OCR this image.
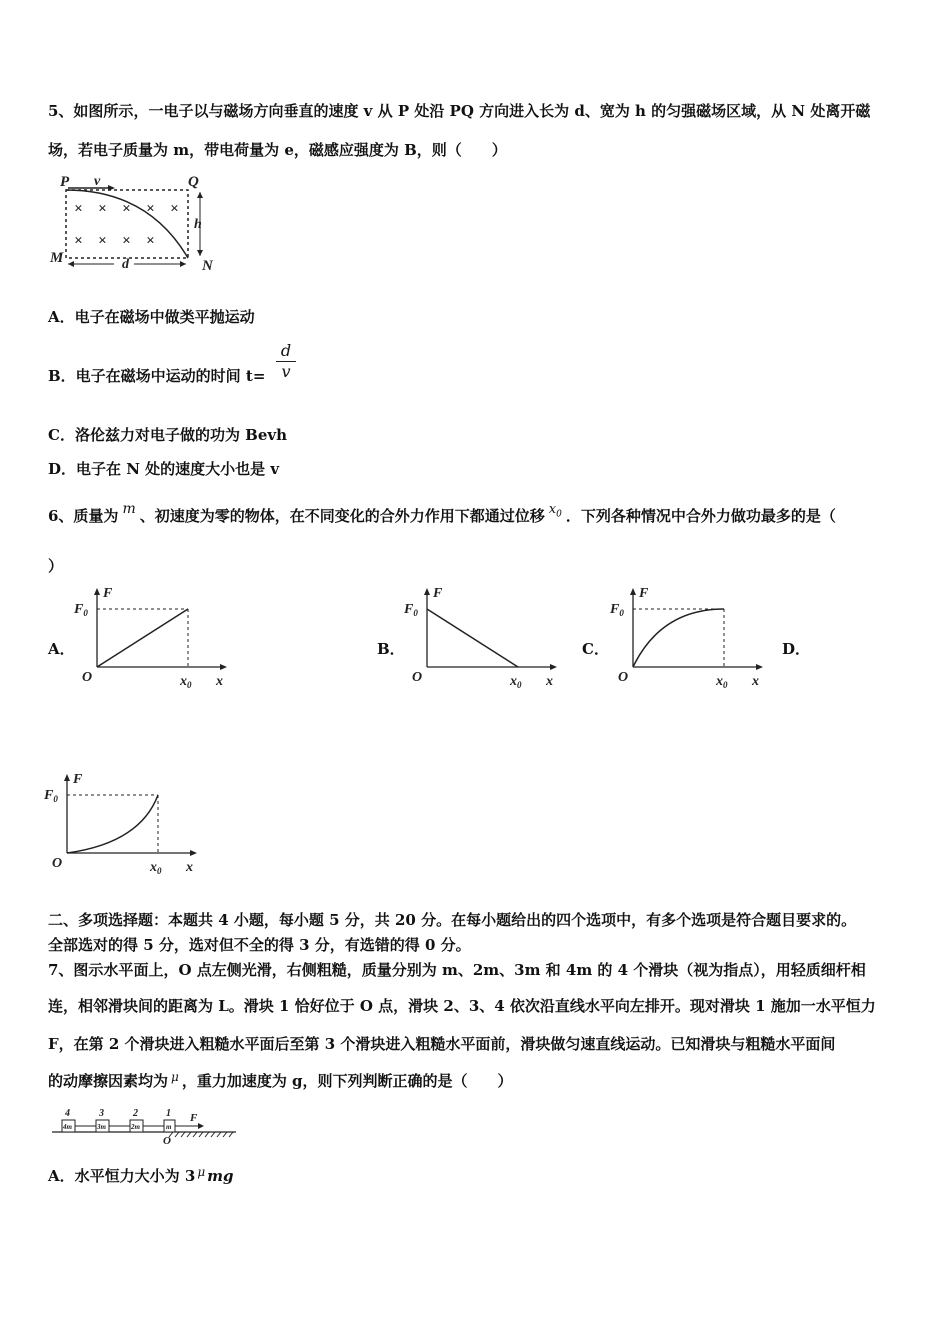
5、如图所示，一电子以与磁场方向垂直的速度 v 从 P 处沿 PQ 方向进入长为 d、宽为 h 的匀强磁场区域，从 N 处离开磁
场，若电子质量为 m，带电荷量为 e，磁感应强度为 B，则（　　）
P v	Q
M	N
h
d
× × × × ×
× × × ×
A．电子在磁场中做类平抛运动
B．电子在磁场中运动的时间 t=
d
v
C．洛伦兹力对电子做的功为 Bevh
D．电子在 N 处的速度大小也是 v
6、质量为 m 、初速度为零的物体，在不同变化的合外力作用下都通过位移 $x_0$ ．下列各种情况中合外力做功最多的是（
）
A．	B．	C．	D．
F
$F_0$
O	$x_0$ x
F
$F_0$
O	$x_0$ x
F
$F_0$
O	$x_0$ x
F
$F_0$
O	$x_0$ x
二、多项选择题：本题共 4 小题，每小题 5 分，共 20 分。在每小题给出的四个选项中，有多个选项是符合题目要求的。
全部选对的得 5 分，选对但不全的得 3 分，有选错的得 0 分。
7、图示水平面上，O 点左侧光滑，右侧粗糙，质量分别为 m、2m、3m 和 4m 的 4 个滑块（视为指点），用轻质细杆相
连，相邻滑块间的距离为 L。滑块 1 恰好位于 O 点，滑块 2、3、4 依次沿直线水平向左排开。现对滑块 1 施加一水平恒力
F，在第 2 个滑块进入粗糙水平面后至第 3 个滑块进入粗糙水平面前，滑块做匀速直线运动。已知滑块与粗糙水平面间
的动摩擦因素均为 $^\mu$ ，重力加速度为 g，则下列判断正确的是（　　）
4m	3m	2m	m
4	3	2	1 F
O
A．水平恒力大小为 3 $^\mu$ mg
